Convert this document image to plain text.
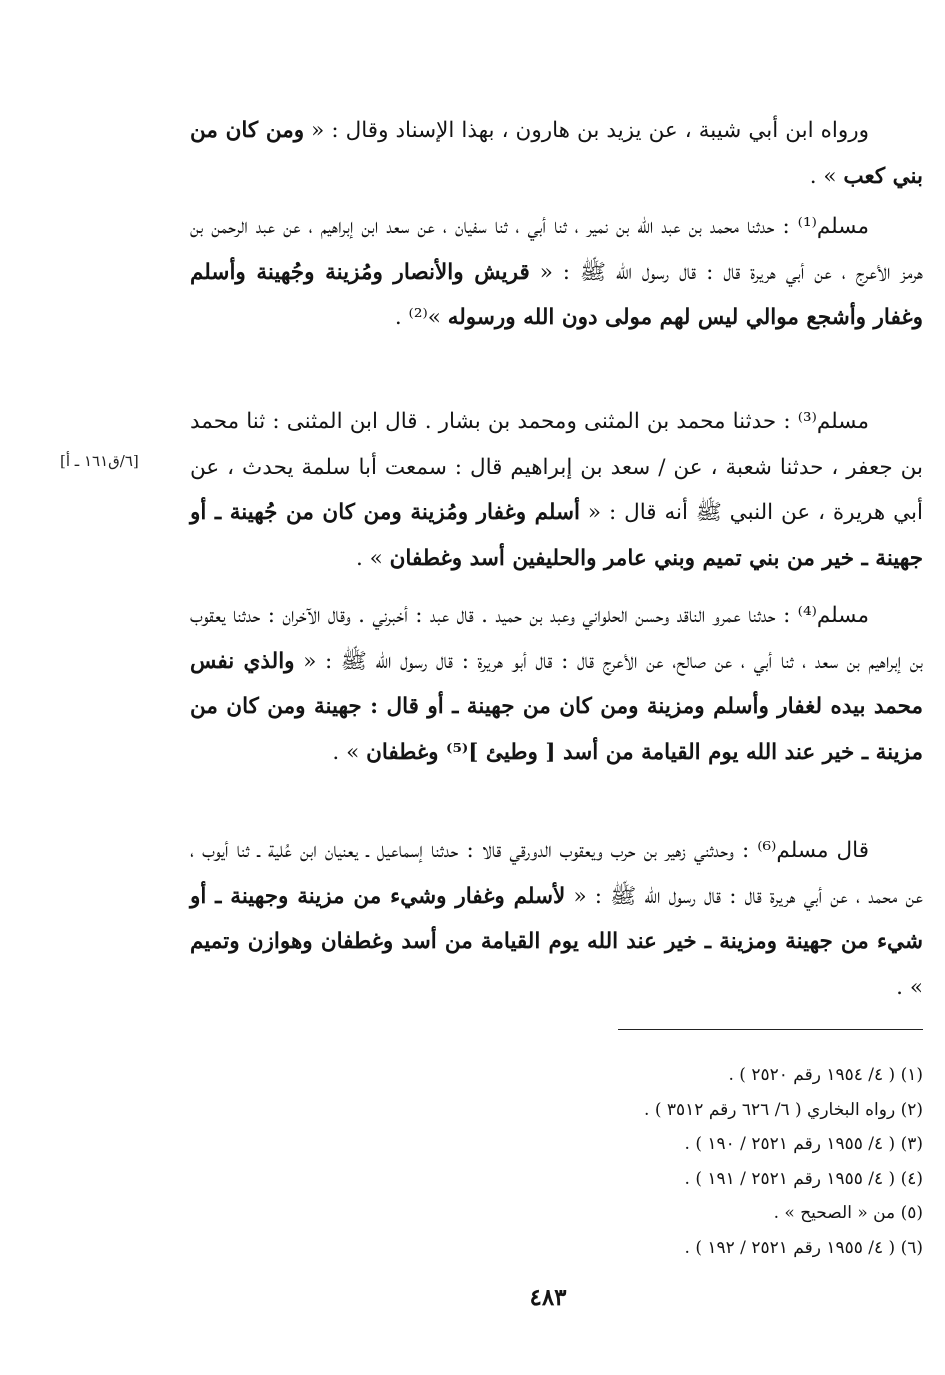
ورواه ابن أبي شيبة ، عن يزيد بن هارون ، بهذا الإسناد وقال : « ومن كان من بني كعب » .

مسلم⁽¹⁾ : حدثنا محمد بن عبد الله بن نمير ، ثنا أبي ، ثنا سفيان ، عن سعد ابن إبراهيم ، عن عبد الرحمن بن هرمز الأعرج ، عن أبي هريرة قال : قال رسول الله ﷺ : « قريش والأنصار ومُزينة وجُهينة وأسلم وغفار وأشجع موالي ليس لهم مولى دون الله ورسوله »⁽²⁾ .

مسلم⁽³⁾ : حدثنا محمد بن المثنى ومحمد بن بشار . قال ابن المثنى : ثنا محمد بن جعفر ، حدثنا شعبة ، عن / سعد بن إبراهيم قال : سمعت أبا سلمة يحدث ، عن أبي هريرة ، عن النبي ﷺ أنه قال : « أسلم وغفار ومُزينة ومن كان من جُهينة ـ أو جهينة ـ خير من بني تميم وبني عامر والحليفين أسد وغطفان » .

[٦/ق١٦١ ـ أ]

مسلم⁽⁴⁾ : حدثنا عمرو الناقد وحسن الحلواني وعبد بن حميد . قال عبد : أخبرني . وقال الآخران : حدثنا يعقوب بن إبراهيم بن سعد ، ثنا أبي ، عن صالح، عن الأعرج قال : قال أبو هريرة : قال رسول الله ﷺ : « والذي نفس محمد بيده لغفار وأسلم ومزينة ومن كان من جهينة ـ أو قال : جهينة ومن كان من مزينة ـ خير عند الله يوم القيامة من أسد [ وطيئ ]⁽⁵⁾ وغطفان » .

قال مسلم⁽⁶⁾ : وحدثني زهير بن حرب ويعقوب الدورقي قالا : حدثنا إسماعيل ـ يعنيان ابن عُلية ـ ثنا أيوب ، عن محمد ، عن أبي هريرة قال : قال رسول الله ﷺ : « لأسلم وغفار وشيء من مزينة وجهينة ـ أو شيء من جهينة ومزينة ـ خير عند الله يوم القيامة من أسد وغطفان وهوازن وتميم » .

(١) ( ٤/ ١٩٥٤ رقم ٢٥٢٠ ) .
(٢) رواه البخاري ( ٦/ ٦٢٦ رقم ٣٥١٢ ) .
(٣) ( ٤/ ١٩٥٥ رقم ٢٥٢١ / ١٩٠ ) .
(٤) ( ٤/ ١٩٥٥ رقم ٢٥٢١ / ١٩١ ) .
(٥) من « الصحيح » .
(٦) ( ٤/ ١٩٥٥ رقم ٢٥٢١ / ١٩٢ ) .
٤٨٣
